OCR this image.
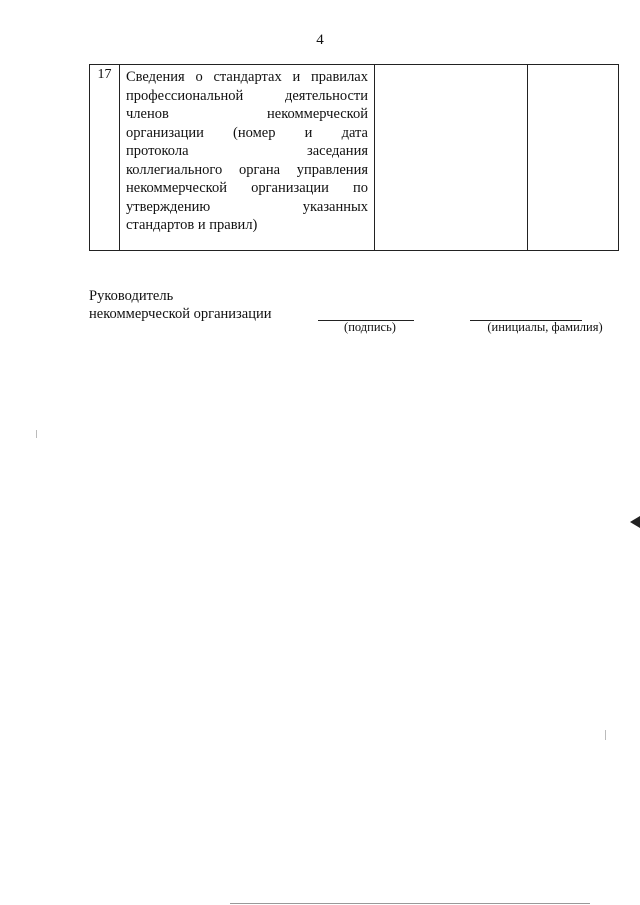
4
17	Сведения о стандартах и правилах
профессиональной деятельности
членов некоммерческой
организации (номер и дата
протокола заседания
коллегиального органа управления
некоммерческой организации по
утверждению указанных
стандартов и правил)

Руководитель
некоммерческой организации
(подпись)	(инициалы, фамилия)
